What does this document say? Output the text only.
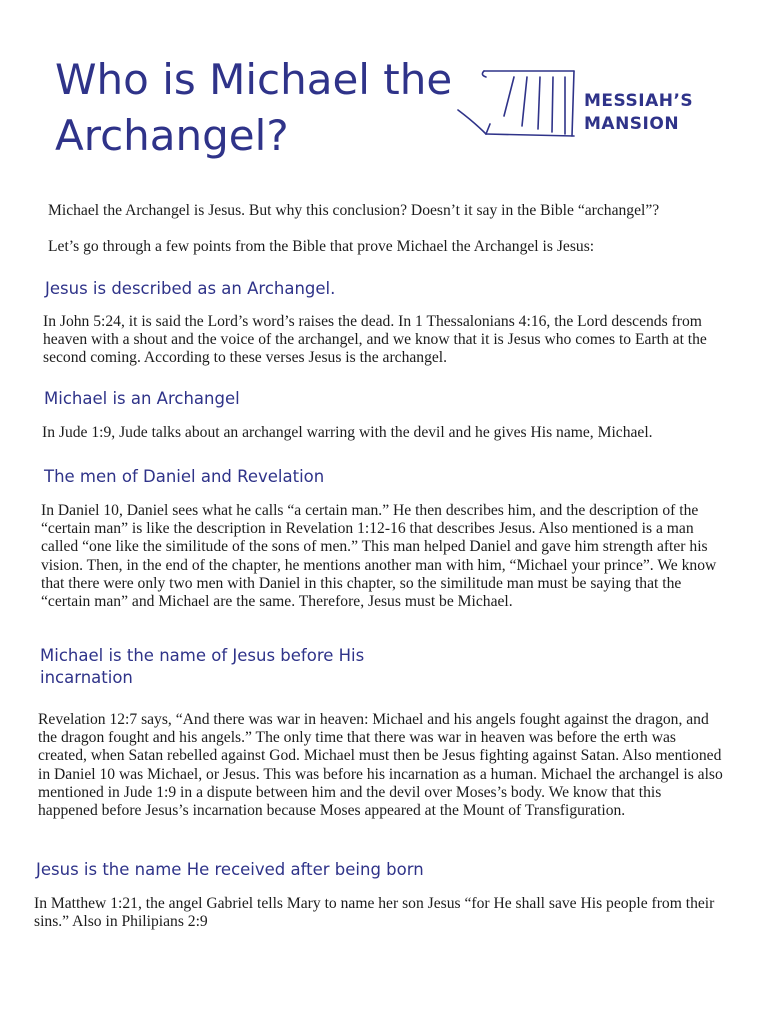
Who is Michael the Archangel?
MESSIAH’S
MANSION

Michael the Archangel is Jesus. But why this conclusion? Doesn’t it say in the Bible “archangel”?

Let’s go through a few points from the Bible that prove Michael the Archangel is Jesus:

Jesus is described as an Archangel.

In John 5:24, it is said the Lord’s word’s raises the dead. In 1 Thessalonians 4:16, the Lord descends from heaven with a shout and the voice of the archangel, and we know that it is Jesus who comes to Earth at the second coming. According to these verses Jesus is the archangel.

Michael is an Archangel

In Jude 1:9, Jude talks about an archangel warring with the devil and he gives His name, Michael.

The men of Daniel and Revelation

In Daniel 10, Daniel sees what he calls “a certain man.” He then describes him, and the description of the “certain man” is like the description in Revelation 1:12-16 that describes Jesus. Also mentioned is a man called “one like the similitude of the sons of men.” This man helped Daniel and gave him strength after his vision. Then, in the end of the chapter, he mentions another man with him, “Michael your prince”. We know that there were only two men with Daniel in this chapter, so the similitude man must be saying that the “certain man” and Michael are the same. Therefore, Jesus must be Michael.

Michael is the name of Jesus before His incarnation

Revelation 12:7 says, “And there was war in heaven: Michael and his angels fought against the dragon, and the dragon fought and his angels.” The only time that there was war in heaven was before the erth was created, when Satan rebelled against God. Michael must then be Jesus fighting against Satan. Also mentioned in Daniel 10 was Michael, or Jesus. This was before his incarnation as a human. Michael the archangel is also mentioned in Jude 1:9 in a dispute between him and the devil over Moses’s body. We know that this happened before Jesus’s incarnation because Moses appeared at the Mount of Transfiguration.

Jesus is the name He received after being born

In Matthew 1:21, the angel Gabriel tells Mary to name her son Jesus “for He shall save His people from their sins.” Also in Philipians 2:9
